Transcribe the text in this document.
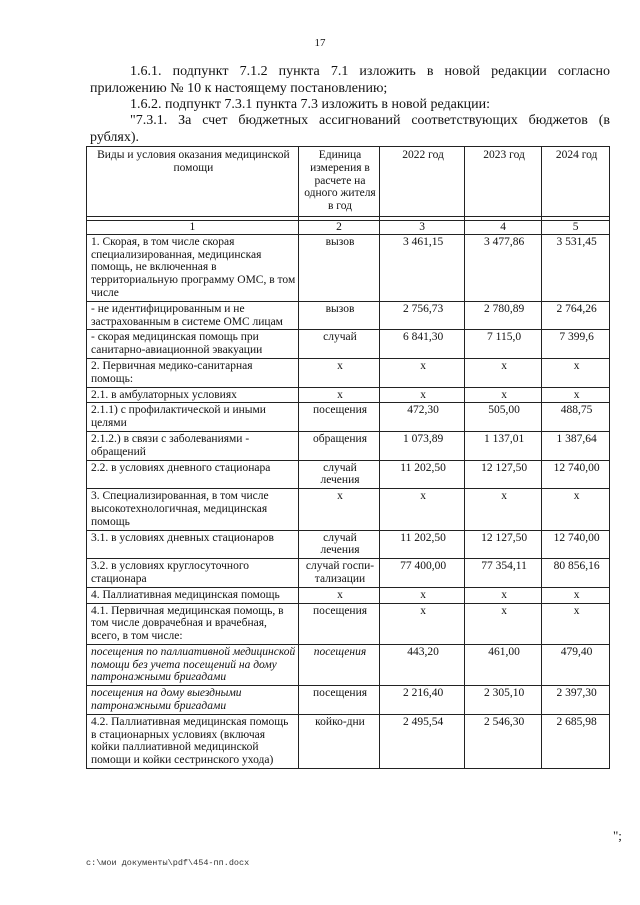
17
1.6.1. подпункт 7.1.2 пункта 7.1 изложить в новой редакции согласно приложению № 10 к настоящему постановлению;
1.6.2. подпункт 7.3.1 пункта 7.3 изложить в новой редакции:
"7.3.1. За счет бюджетных ассигнований соответствующих бюджетов (в рублях).
Виды и условия оказания медицинской помощи	Единица измерения в расчете на одного жителя в год	2022 год	2023 год	2024 год

1	2	3	4	5
1. Скорая, в том числе скорая специализированная, медицинская помощь, не включенная в территориальную программу ОМС, в том числе	вызов	3 461,15	3 477,86	3 531,45
- не идентифицированным и не застрахованным в системе ОМС лицам	вызов	2 756,73	2 780,89	2 764,26
- скорая медицинская помощь при санитарно-авиационной эвакуации	случай	6 841,30	7 115,0	7 399,6
2. Первичная медико-санитарная помощь:	х	х	х	х
2.1. в амбулаторных условиях	х	х	х	х
2.1.1) с профилактической и иными целями	посещения	472,30	505,00	488,75
2.1.2.) в связи с заболеваниями - обращений	обращения	1 073,89	1 137,01	1 387,64
2.2. в условиях дневного стационара	случай лечения	11 202,50	12 127,50	12 740,00
3. Специализированная, в том числе высокотехнологичная, медицинская помощь	х	х	х	х
3.1. в условиях дневных стационаров	случай лечения	11 202,50	12 127,50	12 740,00
3.2. в условиях круглосуточного стационара	случай госпи-тализации	77 400,00	77 354,11	80 856,16
4. Паллиативная медицинская помощь	х	х	х	х
4.1. Первичная медицинская помощь, в том числе доврачебная и врачебная, всего, в том числе:	посещения	х	х	х
посещения по паллиативной медицинской помощи без учета посещений на дому патронажными бригадами	посещения	443,20	461,00	479,40
посещения на дому выездными патронажными бригадами	посещения	2 216,40	2 305,10	2 397,30
4.2. Паллиативная медицинская помощь в стационарных условиях (включая койки паллиативной медицинской помощи и койки сестринского ухода)	койко-дни	2 495,54	2 546,30	2 685,98
";
c:\мои документы\pdf\454-пп.docx
